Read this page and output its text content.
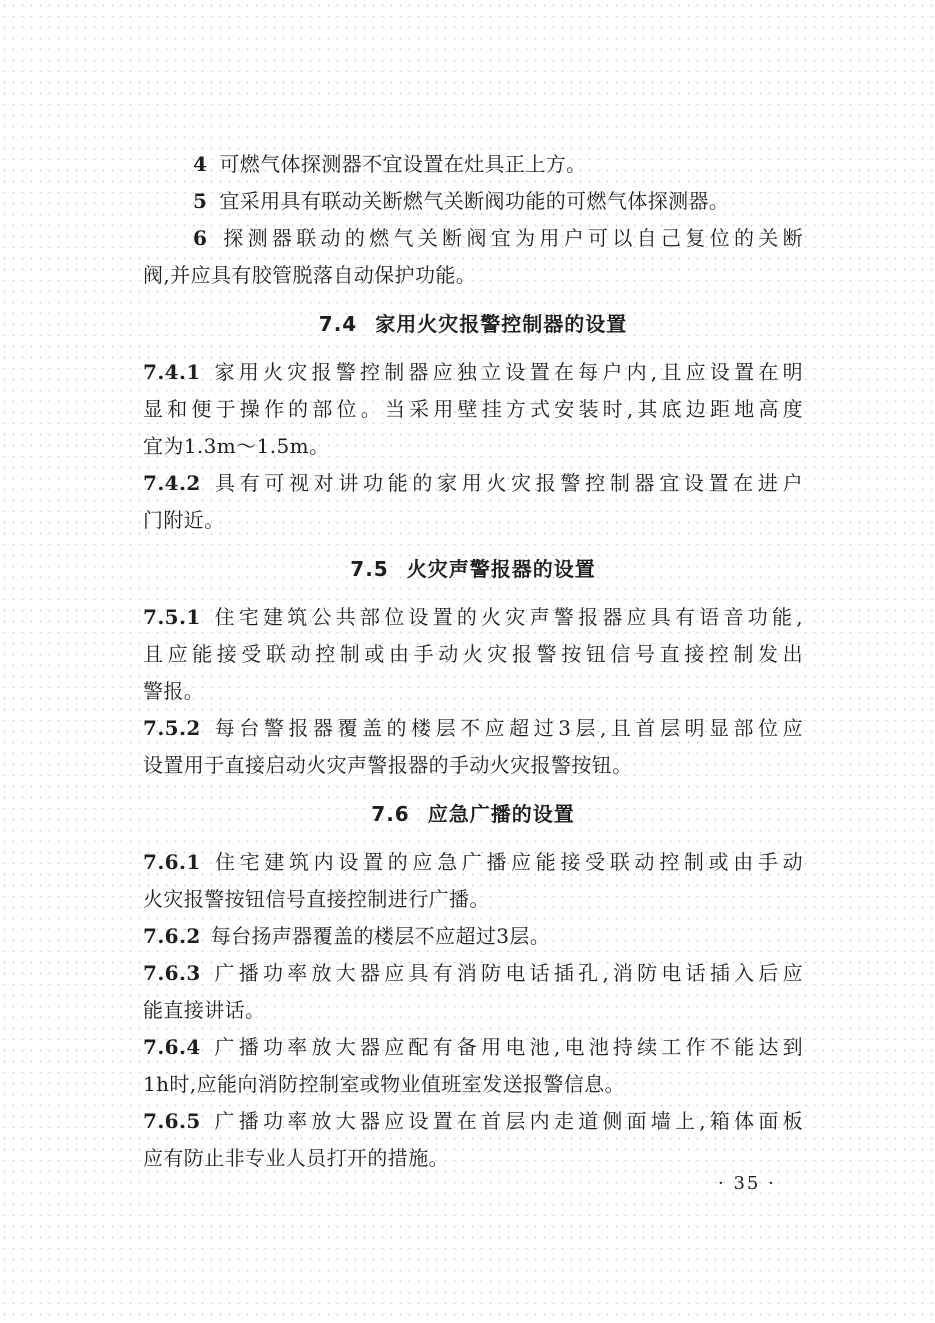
4 可燃气体探测器不宜设置在灶具正上方。
5 宜采用具有联动关断燃气关断阀功能的可燃气体探测器。
6 探测器联动的燃气关断阀宜为用户可以自己复位的关断
阀,并应具有胶管脱落自动保护功能。
7.4 家用火灾报警控制器的设置
7.4.1 家用火灾报警控制器应独立设置在每户内,且应设置在明
显和便于操作的部位。当采用壁挂方式安装时,其底边距地高度
宜为1.3m～1.5m。
7.4.2 具有可视对讲功能的家用火灾报警控制器宜设置在进户
门附近。
7.5 火灾声警报器的设置
7.5.1 住宅建筑公共部位设置的火灾声警报器应具有语音功能,
且应能接受联动控制或由手动火灾报警按钮信号直接控制发出
警报。
7.5.2 每台警报器覆盖的楼层不应超过3层,且首层明显部位应
设置用于直接启动火灾声警报器的手动火灾报警按钮。
7.6 应急广播的设置
7.6.1 住宅建筑内设置的应急广播应能接受联动控制或由手动
火灾报警按钮信号直接控制进行广播。
7.6.2 每台扬声器覆盖的楼层不应超过3层。
7.6.3 广播功率放大器应具有消防电话插孔,消防电话插入后应
能直接讲话。
7.6.4 广播功率放大器应配有备用电池,电池持续工作不能达到
1h时,应能向消防控制室或物业值班室发送报警信息。
7.6.5 广播功率放大器应设置在首层内走道侧面墙上,箱体面板
应有防止非专业人员打开的措施。
· 35 ·
